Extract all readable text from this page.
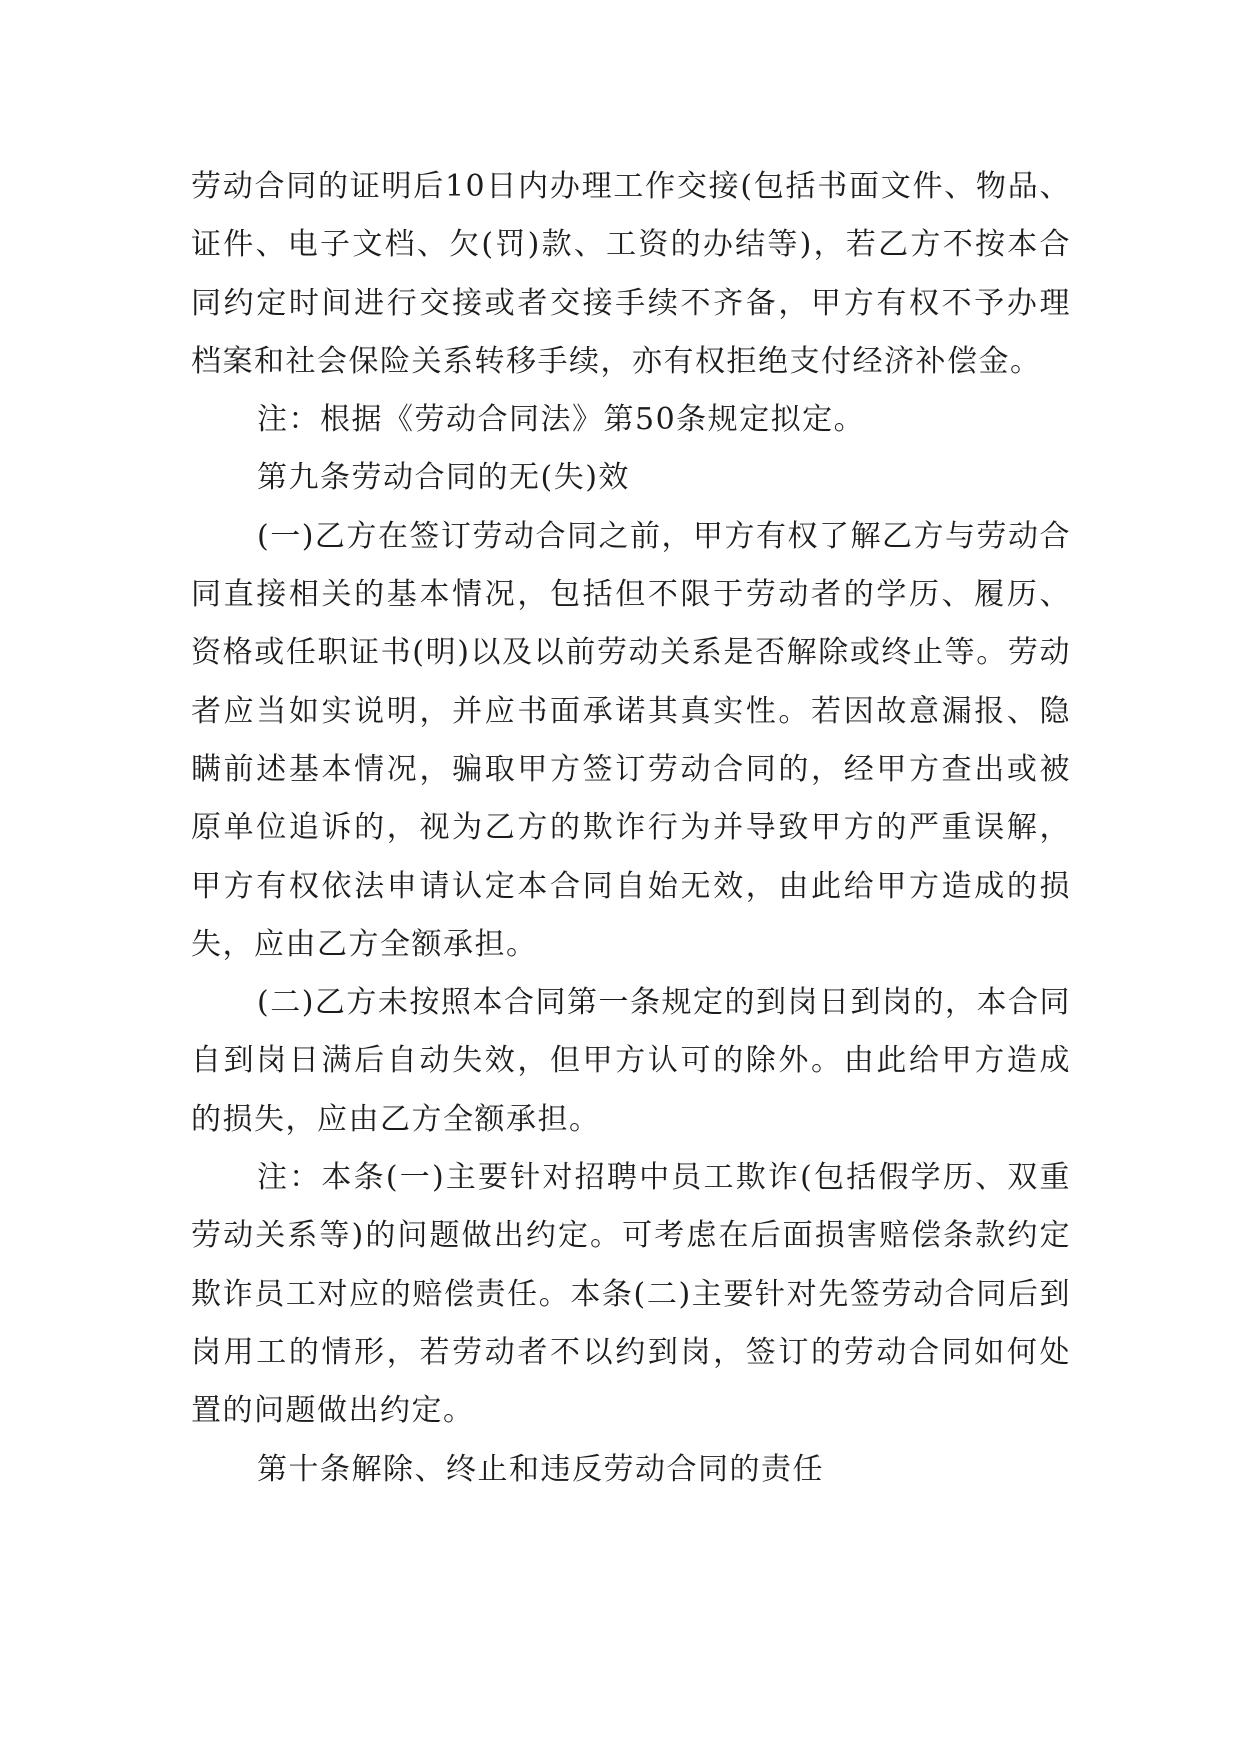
劳动合同的证明后10日内办理工作交接(包括书面文件、物品、证件、电子文档、欠(罚)款、工资的办结等)，若乙方不按本合同约定时间进行交接或者交接手续不齐备，甲方有权不予办理档案和社会保险关系转移手续，亦有权拒绝支付经济补偿金。

注：根据《劳动合同法》第50条规定拟定。

第九条劳动合同的无(失)效

(一)乙方在签订劳动合同之前，甲方有权了解乙方与劳动合同直接相关的基本情况，包括但不限于劳动者的学历、履历、资格或任职证书(明)以及以前劳动关系是否解除或终止等。劳动者应当如实说明，并应书面承诺其真实性。若因故意漏报、隐瞒前述基本情况，骗取甲方签订劳动合同的，经甲方查出或被原单位追诉的，视为乙方的欺诈行为并导致甲方的严重误解，甲方有权依法申请认定本合同自始无效，由此给甲方造成的损失，应由乙方全额承担。

(二)乙方未按照本合同第一条规定的到岗日到岗的，本合同自到岗日满后自动失效，但甲方认可的除外。由此给甲方造成的损失，应由乙方全额承担。

注：本条(一)主要针对招聘中员工欺诈(包括假学历、双重劳动关系等)的问题做出约定。可考虑在后面损害赔偿条款约定欺诈员工对应的赔偿责任。本条(二)主要针对先签劳动合同后到岗用工的情形，若劳动者不以约到岗，签订的劳动合同如何处置的问题做出约定。

第十条解除、终止和违反劳动合同的责任
